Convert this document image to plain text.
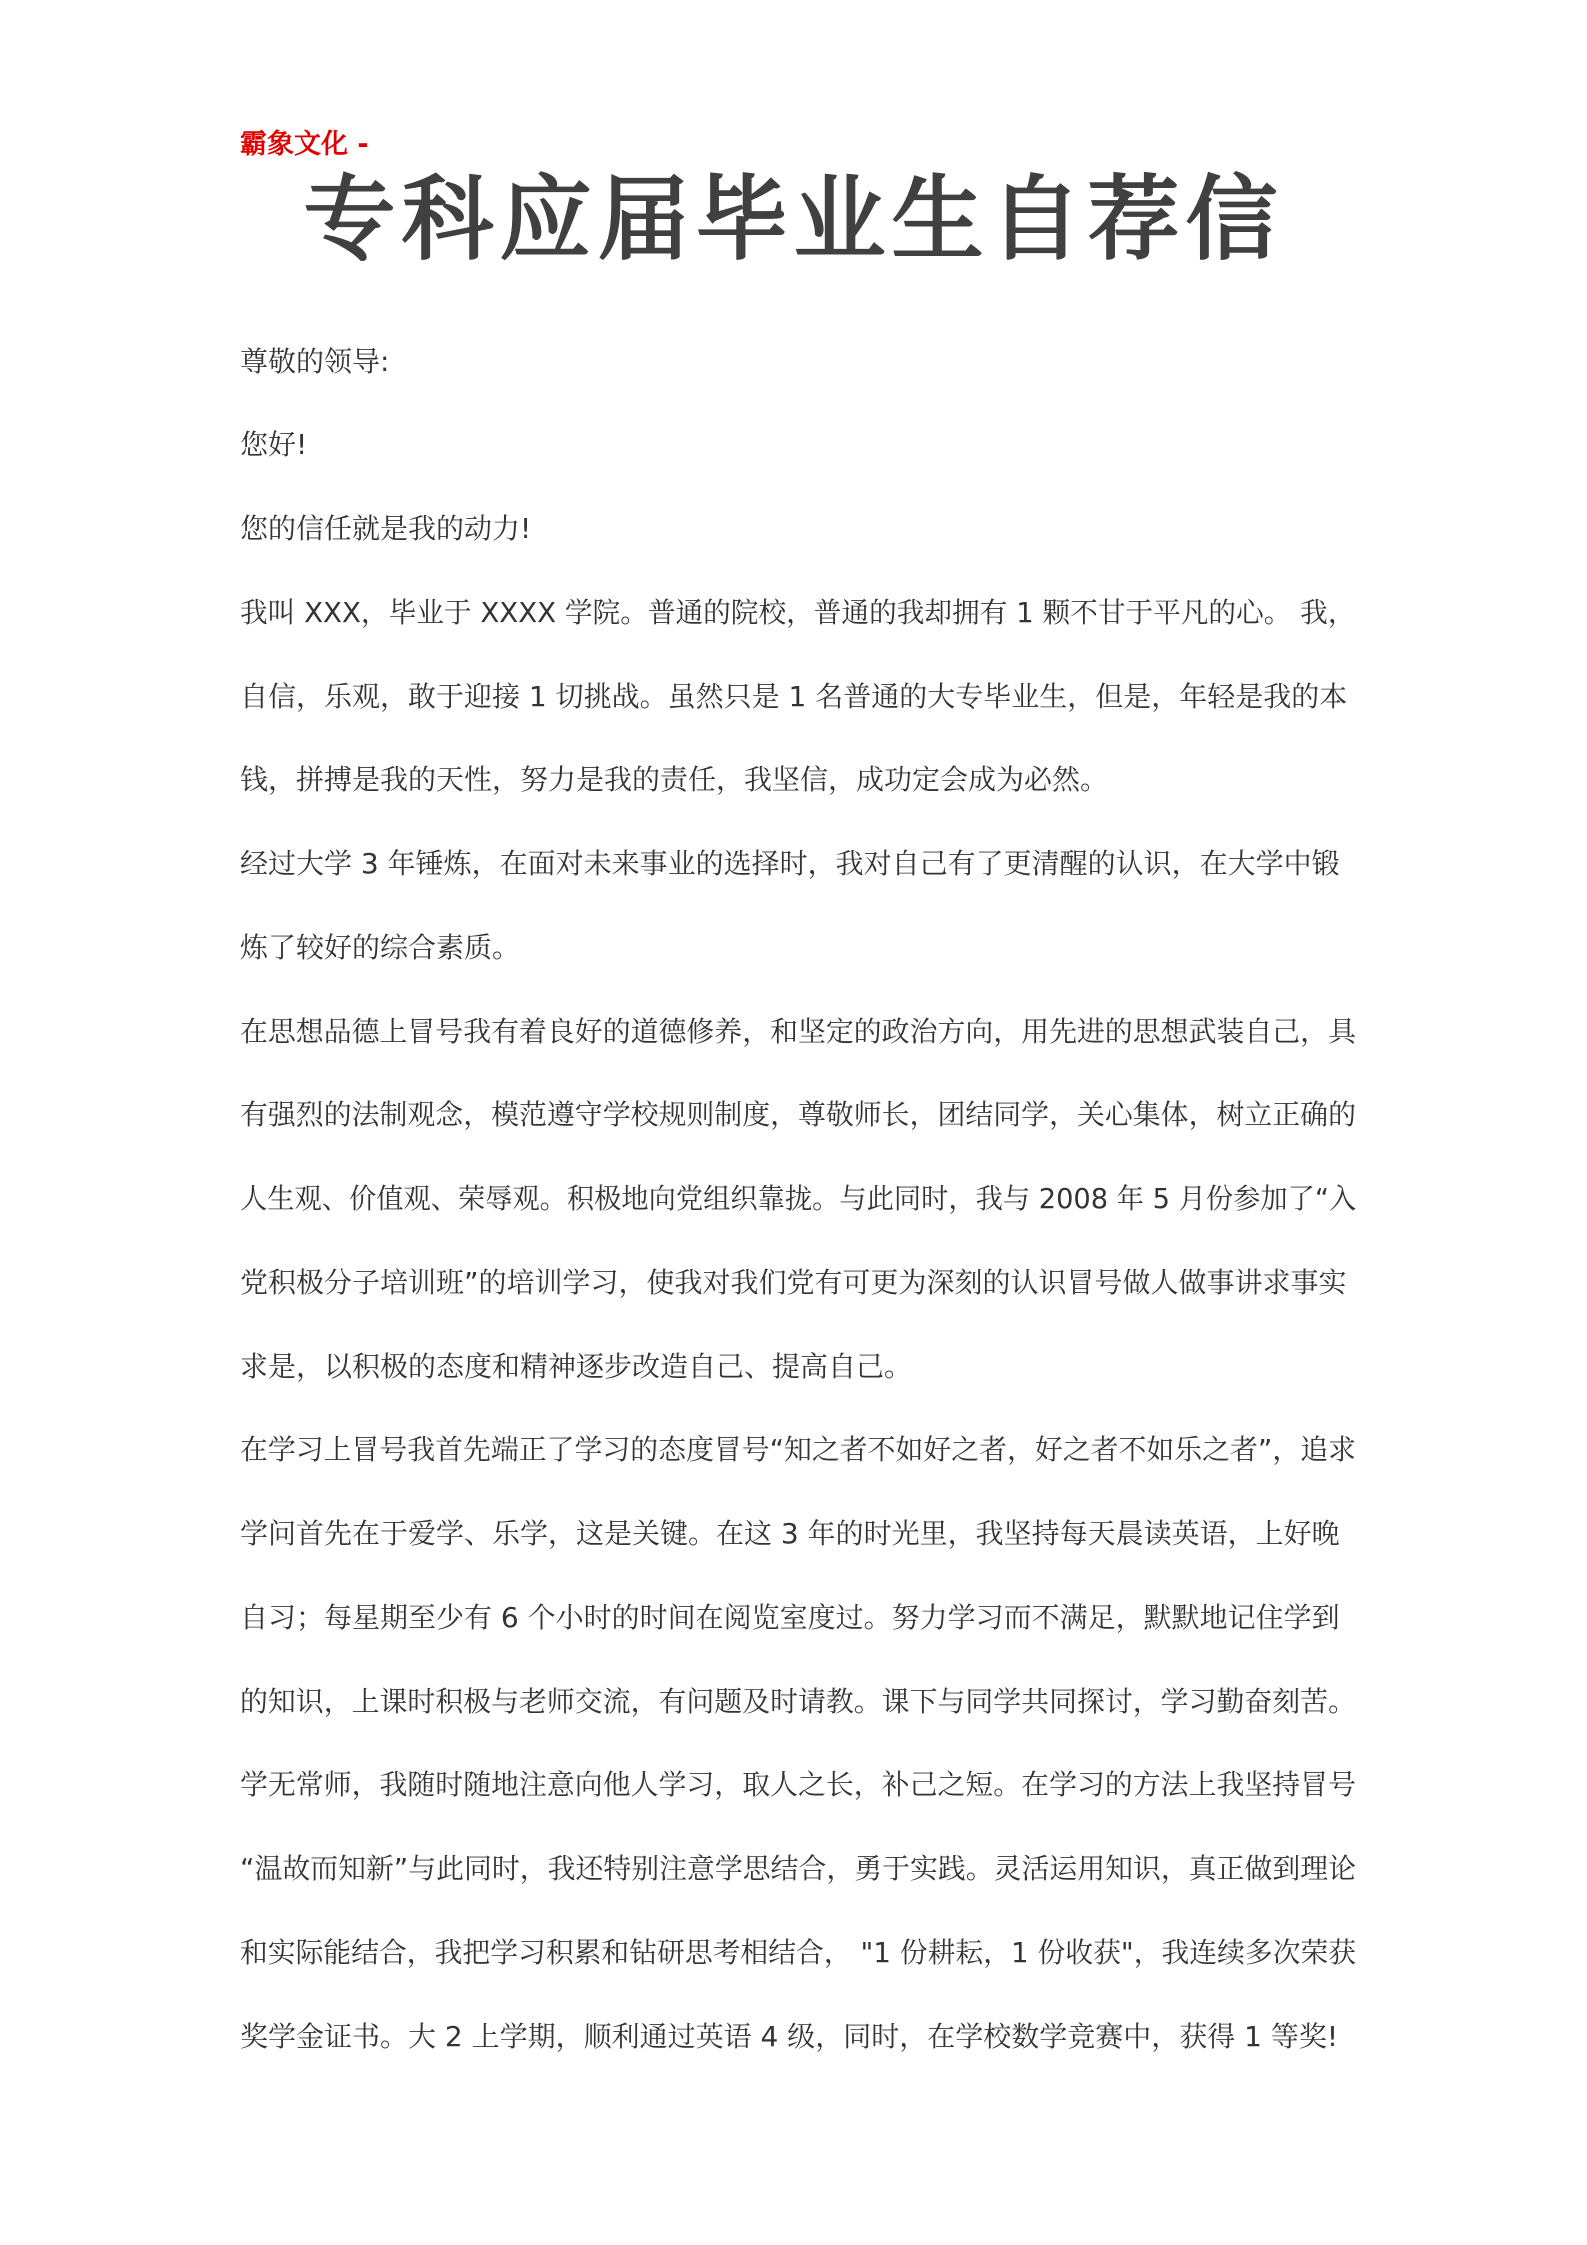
霸象文化 -
专科应届毕业生自荐信
尊敬的领导:
您好!
您的信任就是我的动力!
我叫 XXX，毕业于 XXXX 学院。普通的院校，普通的我却拥有 1 颗不甘于平凡的心。 我，
自信，乐观，敢于迎接 1 切挑战。虽然只是 1 名普通的大专毕业生，但是，年轻是我的本
钱，拼搏是我的天性，努力是我的责任，我坚信，成功定会成为必然。
经过大学 3 年锤炼，在面对未来事业的选择时，我对自己有了更清醒的认识，在大学中锻
炼了较好的综合素质。
在思想品德上冒号我有着良好的道德修养，和坚定的政治方向，用先进的思想武装自己，具
有强烈的法制观念，模范遵守学校规则制度，尊敬师长，团结同学，关心集体，树立正确的
人生观、价值观、荣辱观。积极地向党组织靠拢。与此同时，我与 2008 年 5 月份参加了“入
党积极分子培训班”的培训学习，使我对我们党有可更为深刻的认识冒号做人做事讲求事实
求是，以积极的态度和精神逐步改造自己、提高自己。
在学习上冒号我首先端正了学习的态度冒号“知之者不如好之者，好之者不如乐之者”，追求
学问首先在于爱学、乐学，这是关键。在这 3 年的时光里，我坚持每天晨读英语，上好晚
自习；每星期至少有 6 个小时的时间在阅览室度过。努力学习而不满足，默默地记住学到
的知识，上课时积极与老师交流，有问题及时请教。课下与同学共同探讨，学习勤奋刻苦。
学无常师，我随时随地注意向他人学习，取人之长，补己之短。在学习的方法上我坚持冒号
“温故而知新”与此同时，我还特别注意学思结合，勇于实践。灵活运用知识，真正做到理论
和实际能结合，我把学习积累和钻研思考相结合， "1 份耕耘，1 份收获"，我连续多次荣获
奖学金证书。大 2 上学期，顺利通过英语 4 级，同时，在学校数学竞赛中，获得 1 等奖!
